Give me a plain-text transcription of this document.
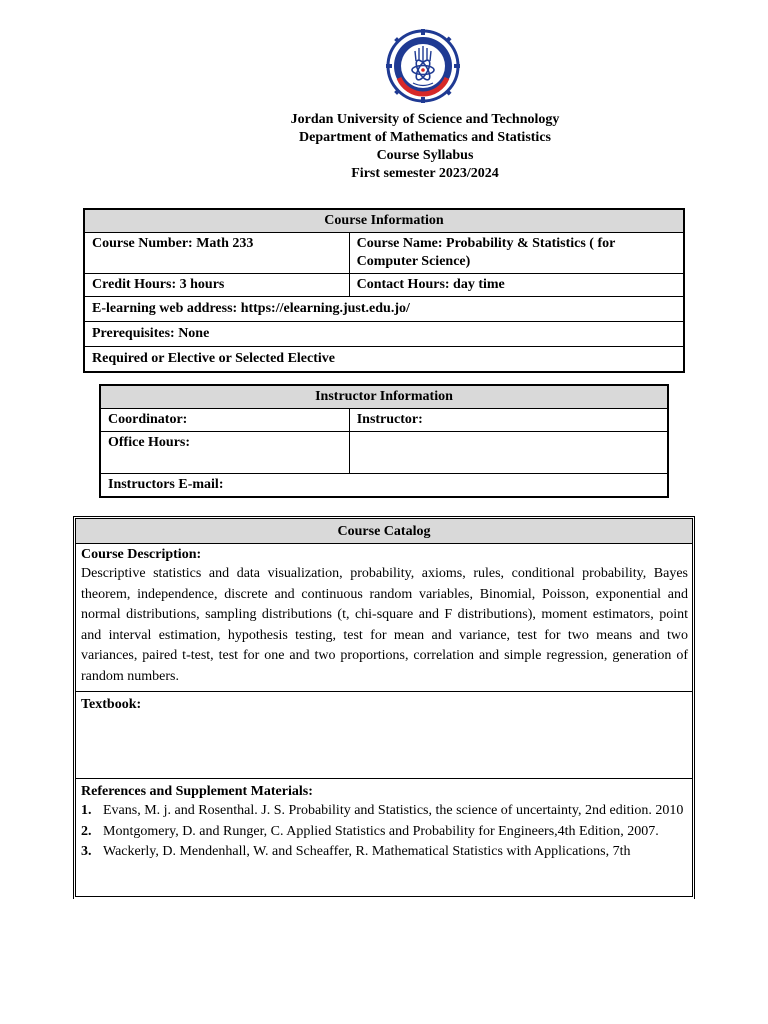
Jordan University of Science and Technology
Department of Mathematics and Statistics
Course Syllabus
First semester 2023/2024
Course Information	
Course Number: Math 233	Course Name: Probability & Statistics ( for Computer Science)
Credit Hours: 3 hours	Contact Hours: day time
E-learning web address: https://elearning.just.edu.jo/	
Prerequisites: None	
Required or Elective or Selected Elective	
Instructor Information	
Coordinator:	Instructor:
Office Hours:	
Instructors E-mail:	
Course Catalog
Course Description:
Descriptive statistics and data visualization, probability, axioms, rules, conditional probability, Bayes theorem, independence, discrete and continuous random variables, Binomial, Poisson, exponential and normal distributions, sampling distributions (t, chi-square and F distributions), moment estimators, point and interval estimation, hypothesis testing, test for mean and variance, test for two means and two variances, paired t-test, test for one and two proportions, correlation and simple regression, generation of random numbers.
Textbook:
References and Supplement Materials:
1. Evans, M. j. and Rosenthal. J. S. Probability and Statistics, the science of uncertainty, 2nd edition. 2010
2. Montgomery, D. and Runger, C. Applied Statistics and Probability for Engineers,4th Edition, 2007.
3. Wackerly, D. Mendenhall, W. and Scheaffer, R. Mathematical Statistics with Applications, 7th
